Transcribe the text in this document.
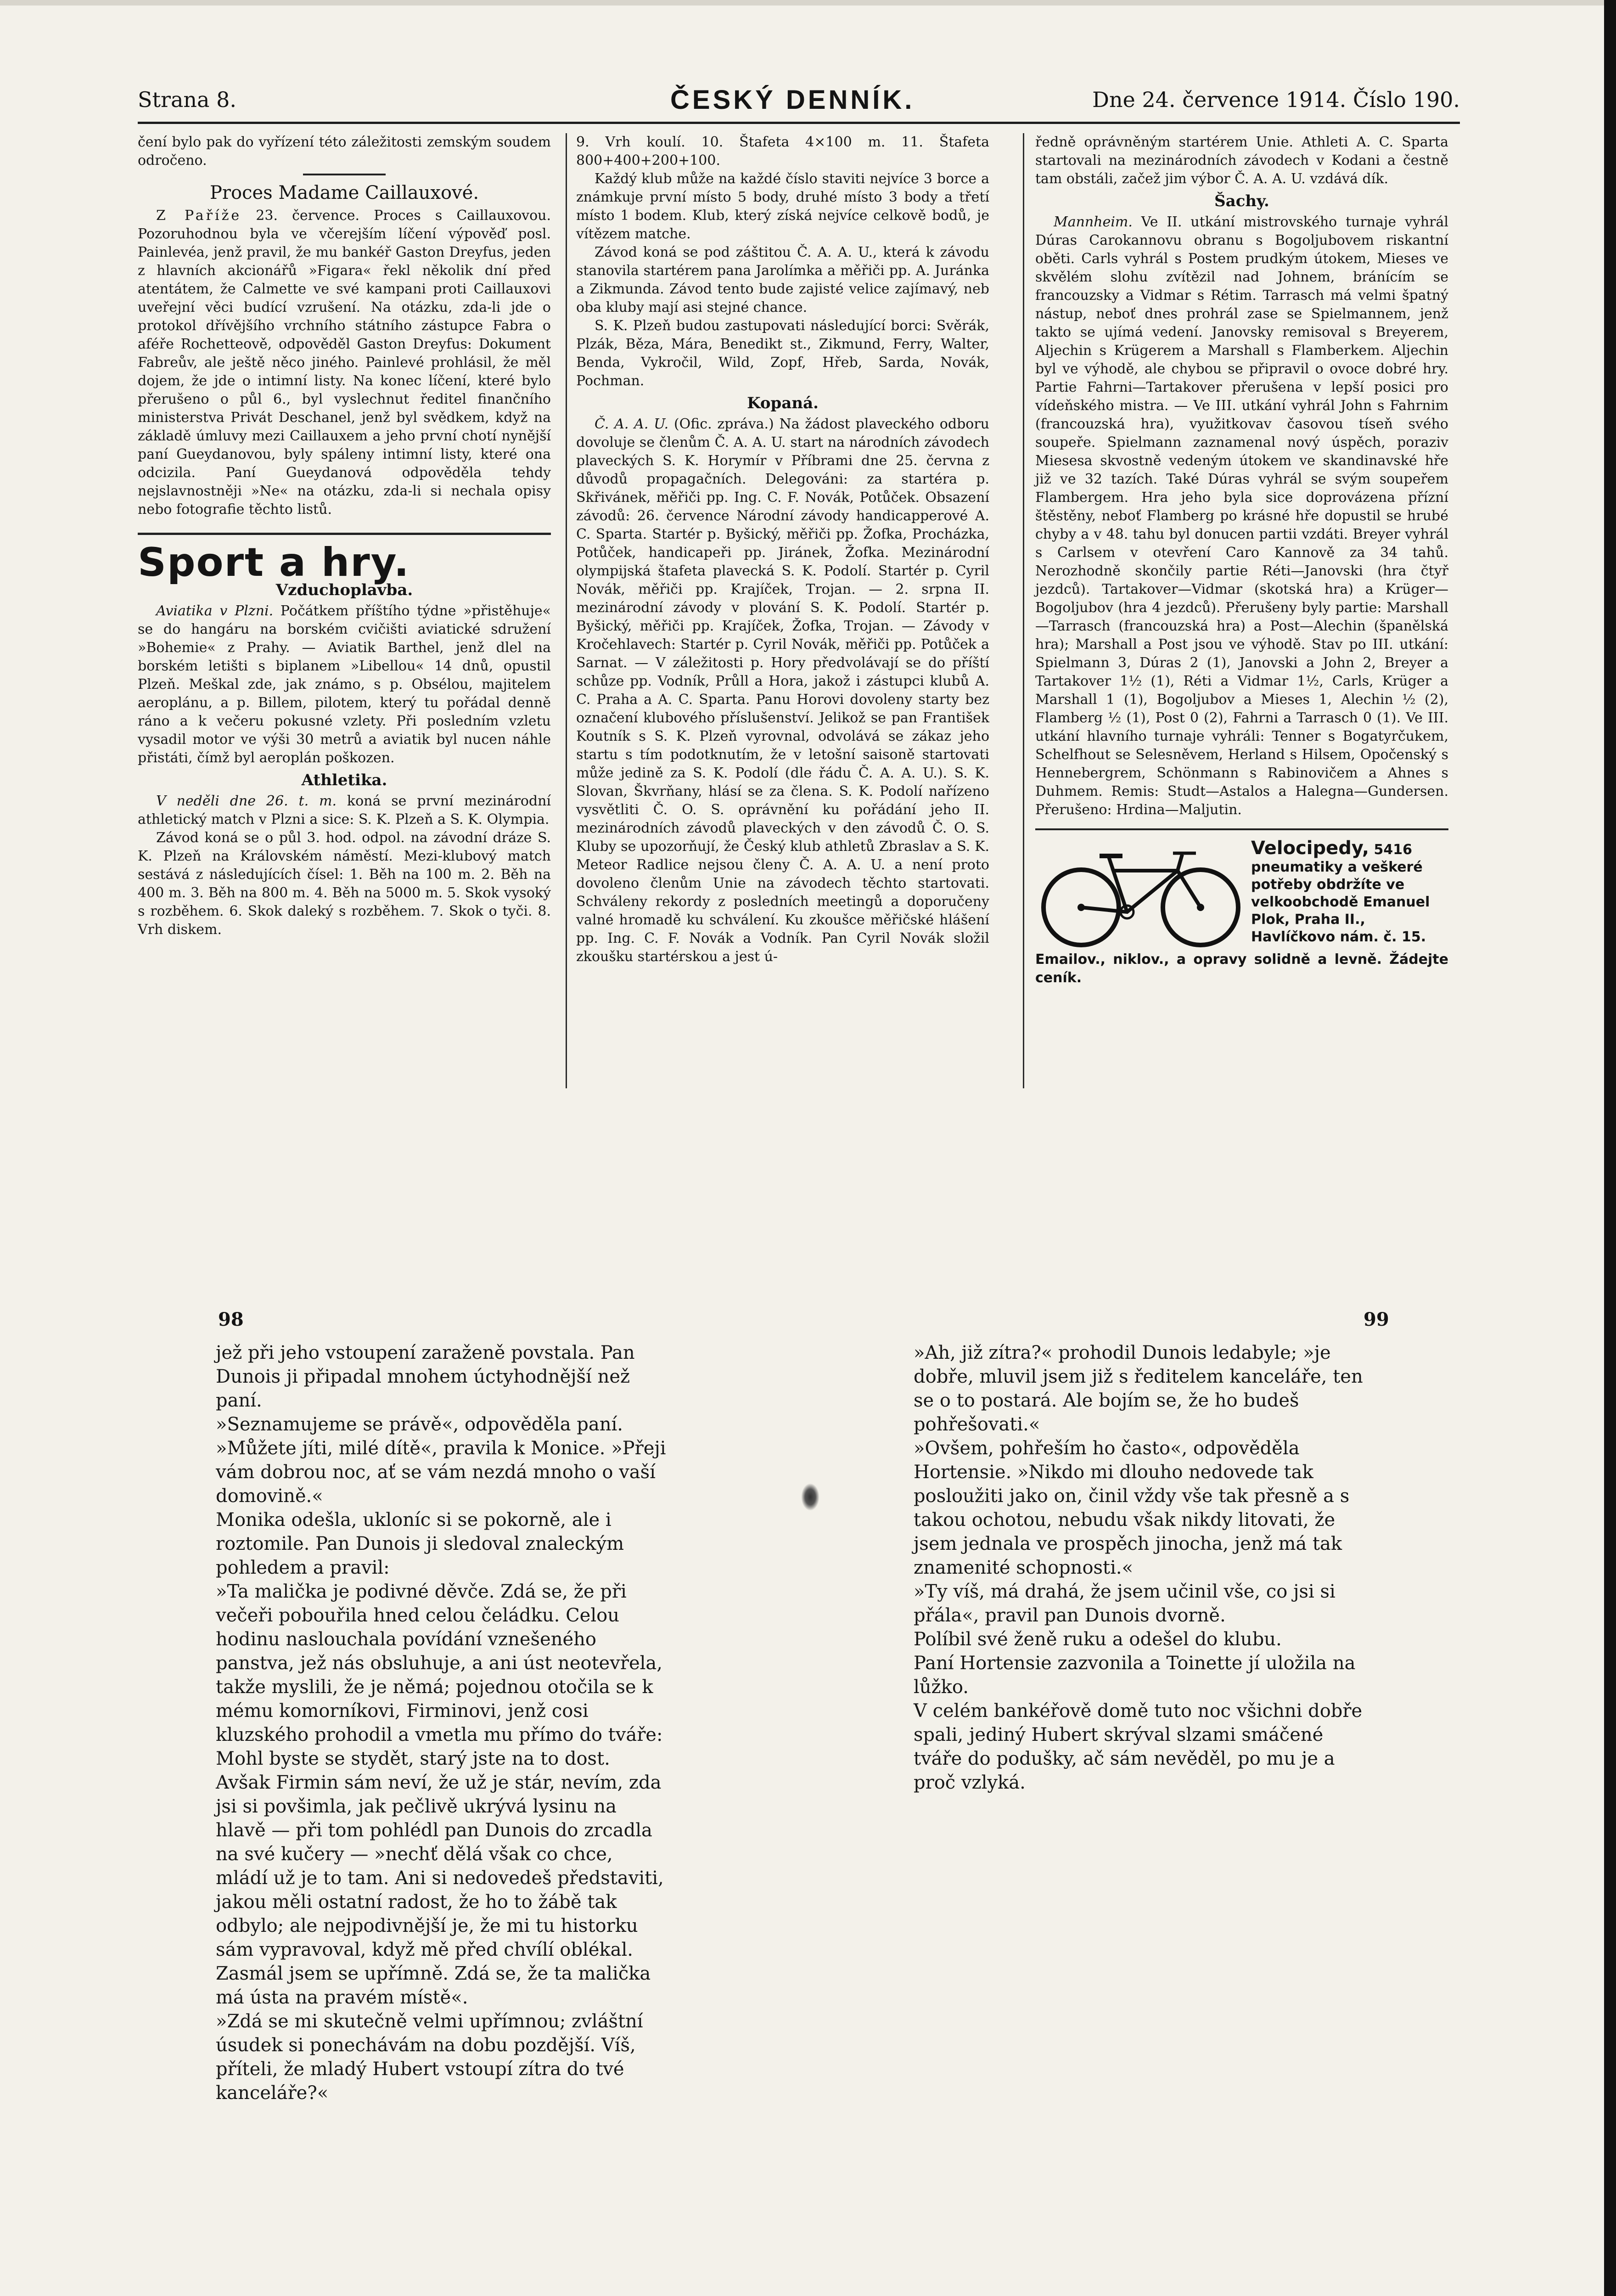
Strana 8.	ČESKÝ DENNÍK.	Dne 24. července 1914. Číslo 190.

čení bylo pak do vyřízení této záležitosti zemským soudem odročeno.

Proces Madame Caillauxové.

Z Paříže 23. července. Proces s Caillauxovou. Pozoruhodnou byla ve včerejším líčení výpověď posl. Painlevéa, jenž pravil, že mu bankéř Gaston Dreyfus, jeden z hlavních akcionářů »Figara« řekl několik dní před atentátem, že Calmette ve své kampani proti Caillauxovi uveřejní věci budící vzrušení. Na otázku, zda-li jde o protokol dřívějšího vrchního státního zástupce Fabra o aféře Rochetteově, odpověděl Gaston Dreyfus: Dokument Fabreův, ale ještě něco jiného. Painlevé prohlásil, že měl dojem, že jde o intimní listy. Na konec líčení, které bylo přerušeno o půl 6., byl vyslechnut ředitel finančního ministerstva Privát Deschanel, jenž byl svědkem, když na základě úmluvy mezi Caillauxem a jeho první chotí nynější paní Gueydanovou, byly spáleny intimní listy, které ona odcizila. Paní Gueydanová odpověděla tehdy nejslavnostněji »Ne« na otázku, zda-li si nechala opisy nebo fotografie těchto listů.

Sport a hry.
Vzduchoplavba.

Aviatika v Plzni. Počátkem příštího týdne »přistěhuje« se do hangáru na borském cvičišti aviatické sdružení »Bohemie« z Prahy. — Aviatik Barthel, jenž dlel na borském letišti s biplanem »Libellou« 14 dnů, opustil Plzeň. Meškal zde, jak známo, s p. Obsélou, majitelem aeroplánu, a p. Billem, pilotem, který tu pořádal denně ráno a k večeru pokusné vzlety. Při posledním vzletu vysadil motor ve výši 30 metrů a aviatik byl nucen náhle přistáti, čímž byl aeroplán poškozen.

Athletika.

V neděli dne 26. t. m. koná se první mezinárodní athletický match v Plzni a sice: S. K. Plzeň a S. K. Olympia.

Závod koná se o půl 3. hod. odpol. na závodní dráze S. K. Plzeň na Královském náměstí. Mezi-klubový match sestává z následujících čísel: 1. Běh na 100 m. 2. Běh na 400 m. 3. Běh na 800 m. 4. Běh na 5000 m. 5. Skok vysoký s rozběhem. 6. Skok daleký s rozběhem. 7. Skok o tyči. 8. Vrh diskem.

9. Vrh koulí. 10. Štafeta 4×100 m. 11. Štafeta 800+400+200+100.

Každý klub může na každé číslo staviti nejvíce 3 borce a známkuje první místo 5 body, druhé místo 3 body a třetí místo 1 bodem. Klub, který získá nejvíce celkově bodů, je vítězem matche.

Závod koná se pod záštitou Č. A. A. U., která k závodu stanovila startérem pana Jarolímka a měřiči pp. A. Juránka a Zikmunda. Závod tento bude zajisté velice zajímavý, neb oba kluby mají asi stejné chance.

S. K. Plzeň budou zastupovati následující borci: Svěrák, Plzák, Běza, Mára, Benedikt st., Zikmund, Ferry, Walter, Benda, Vykročil, Wild, Zopf, Hřeb, Sarda, Novák, Pochman.

Kopaná.

Č. A. A. U. (Ofic. zpráva.) Na žádost plaveckého odboru dovoluje se členům Č. A. A. U. start na národních závodech plaveckých S. K. Horymír v Příbrami dne 25. června z důvodů propagačních. Delegováni: za startéra p. Skřivánek, měřiči pp. Ing. C. F. Novák, Potůček. Obsazení závodů: 26. července Národní závody handicapperové A. C. Sparta. Startér p. Byšický, měřiči pp. Žofka, Procházka, Potůček, handicapeři pp. Jiránek, Žofka. Mezinárodní olympijská štafeta plavecká S. K. Podolí. Startér p. Cyril Novák, měřiči pp. Krajíček, Trojan. — 2. srpna II. mezinárodní závody v plování S. K. Podolí. Startér p. Byšický, měřiči pp. Krajíček, Žofka, Trojan. — Závody v Kročehlavech: Startér p. Cyril Novák, měřiči pp. Potůček a Sarnat. — V záležitosti p. Hory předvolávají se do příští schůze pp. Vodník, Průll a Hora, jakož i zástupci klubů A. C. Praha a A. C. Sparta. Panu Horovi dovoleny starty bez označení klubového příslušenství. Jelikož se pan František Koutník s S. K. Plzeň vyrovnal, odvolává se zákaz jeho startu s tím podotknutím, že v letošní saisoně startovati může jedině za S. K. Podolí (dle řádu Č. A. A. U.). S. K. Slovan, Škvrňany, hlásí se za člena. S. K. Podolí nařízeno vysvětliti Č. O. S. oprávnění ku pořádání jeho II. mezinárodních závodů plaveckých v den závodů Č. O. S. Kluby se upozorňují, že Český klub athletů Zbraslav a S. K. Meteor Radlice nejsou členy Č. A. A. U. a není proto dovoleno členům Unie na závodech těchto startovati. Schváleny rekordy z posledních meetingů a doporučeny valné hromadě ku schválení. Ku zkoušce měřičské hlášení pp. Ing. C. F. Novák a Vodník. Pan Cyril Novák složil zkoušku startérskou a jest ú-

ředně oprávněným startérem Unie. Athleti A. C. Sparta startovali na mezinárodních závodech v Kodani a čestně tam obstáli, začež jim výbor Č. A. A. U. vzdává dík.

Šachy.

Mannheim. Ve II. utkání mistrovského turnaje vyhrál Dúras Carokannovu obranu s Bogoljubovem riskantní oběti. Carls vyhrál s Postem prudkým útokem, Mieses ve skvělém slohu zvítězil nad Johnem, bránícím se francouzsky a Vidmar s Rétim. Tarrasch má velmi špatný nástup, neboť dnes prohrál zase se Spielmannem, jenž takto se ujímá vedení. Janovsky remisoval s Breyerem, Aljechin s Krügerem a Marshall s Flamberkem. Aljechin byl ve výhodě, ale chybou se připravil o ovoce dobré hry. Partie Fahrni—Tartakover přerušena v lepší posici pro vídeňského mistra. — Ve III. utkání vyhrál John s Fahrnim (francouzská hra), využitkovav časovou tíseň svého soupeře. Spielmann zaznamenal nový úspěch, poraziv Miesesa skvostně vedeným útokem ve skandinavské hře již ve 32 tazích. Také Dúras vyhrál se svým soupeřem Flambergem. Hra jeho byla sice doprovázena přízní štěstěny, neboť Flamberg po krásné hře dopustil se hrubé chyby a v 48. tahu byl donucen partii vzdáti. Breyer vyhrál s Carlsem v otevření Caro Kannově za 34 tahů. Nerozhodně skončily partie Réti—Janovski (hra čtyř jezdců). Tartakover—Vidmar (skotská hra) a Krüger—Bogoljubov (hra 4 jezdců). Přerušeny byly partie: Marshall—Tarrasch (francouzská hra) a Post—Alechin (španělská hra); Marshall a Post jsou ve výhodě. Stav po III. utkání: Spielmann 3, Dúras 2 (1), Janovski a John 2, Breyer a Tartakover 1½ (1), Réti a Vidmar 1½, Carls, Krüger a Marshall 1 (1), Bogoljubov a Mieses 1, Alechin ½ (2), Flamberg ½ (1), Post 0 (2), Fahrni a Tarrasch 0 (1). Ve III. utkání hlavního turnaje vyhráli: Tenner s Bogatyrčukem, Schelfhout se Selesněvem, Herland s Hilsem, Opočenský s Hennebergrem, Schönmann s Rabinovičem a Ahnes s Duhmem. Remis: Studt—Astalos a Halegna—Gundersen. Přerušeno: Hrdina—Maljutin.

Velocipedy, 5416
pneumatiky a veškeré potřeby obdržíte ve velkoobchodě Emanuel Plok, Praha II., Havlíčkovo nám. č. 15.
Emailov., niklov., a opravy solidně a levně. Žádejte ceník.
98	99

jež při jeho vstoupení zaraženě povstala. Pan Dunois ji připadal mnohem úctyhodnější než paní.

»Seznamujeme se právě«, odpověděla paní. »Můžete jíti, milé dítě«, pravila k Monice. »Přeji vám dobrou noc, ať se vám nezdá mnoho o vaší domovině.«

Monika odešla, ukloníc si se pokorně, ale i roztomile. Pan Dunois ji sledoval znaleckým pohledem a pravil:

»Ta malička je podivné děvče. Zdá se, že při večeři pobouřila hned celou čeládku. Celou hodinu naslouchala povídání vznešeného panstva, jež nás obsluhuje, a ani úst neotevřela, takže myslili, že je němá; pojednou otočila se k mému komorníkovi, Firminovi, jenž cosi kluzského prohodil a vmetla mu přímo do tváře: Mohl byste se stydět, starý jste na to dost. Avšak Firmin sám neví, že už je stár, nevím, zda jsi si povšimla, jak pečlivě ukrývá lysinu na hlavě — při tom pohlédl pan Dunois do zrcadla na své kučery — »nechť dělá však co chce, mládí už je to tam. Ani si nedovedeš představiti, jakou měli ostatní radost, že ho to žábě tak odbylo; ale nejpodivnější je, že mi tu historku sám vypravoval, když mě před chvílí oblékal. Zasmál jsem se upřímně. Zdá se, že ta malička má ústa na pravém místě«.

»Zdá se mi skutečně velmi upřímnou; zvláštní úsudek si ponechávám na dobu pozdější. Víš, příteli, že mladý Hubert vstoupí zítra do tvé kanceláře?«

»Ah, již zítra?« prohodil Dunois ledabyle; »je dobře, mluvil jsem již s ředitelem kanceláře, ten se o to postará. Ale bojím se, že ho budeš pohřešovati.«

»Ovšem, pohřeším ho často«, odpověděla Hortensie. »Nikdo mi dlouho nedovede tak posloužiti jako on, činil vždy vše tak přesně a s takou ochotou, nebudu však nikdy litovati, že jsem jednala ve prospěch jinocha, jenž má tak znamenité schopnosti.«

»Ty víš, má drahá, že jsem učinil vše, co jsi si přála«, pravil pan Dunois dvorně.

Políbil své ženě ruku a odešel do klubu.

Paní Hortensie zazvonila a Toinette jí uložila na lůžko.

V celém bankéřově domě tuto noc všichni dobře spali, jediný Hubert skrýval slzami smáčené tváře do podušky, ač sám nevěděl, po mu je a proč vzlyká.
